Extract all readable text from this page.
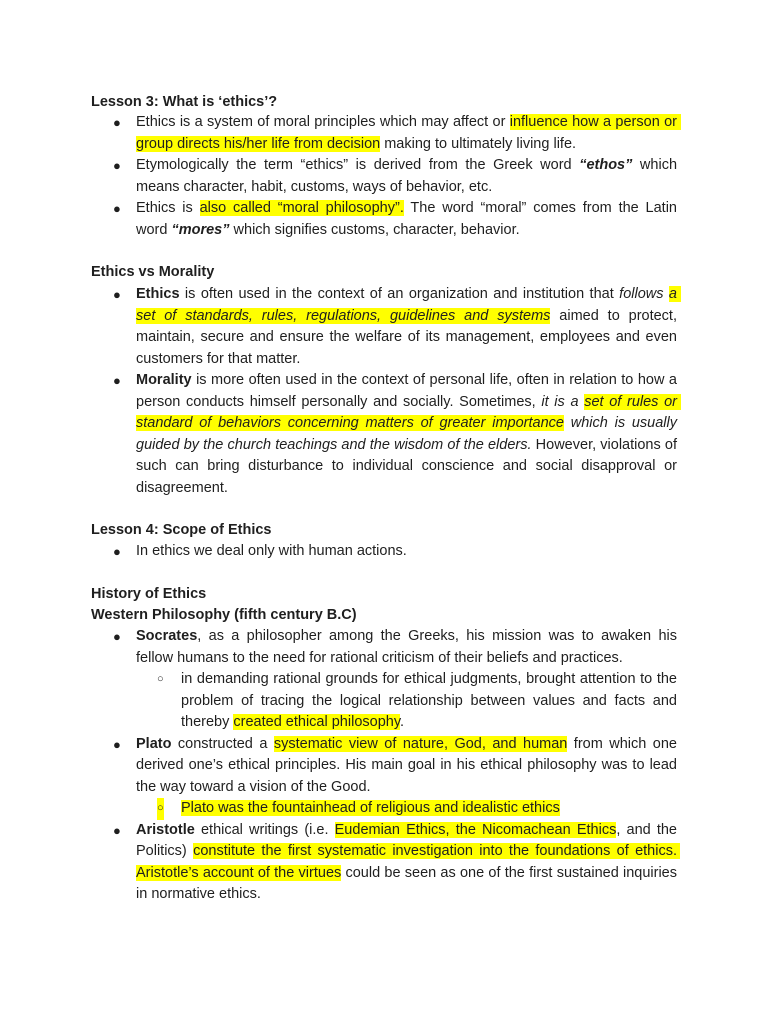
Lesson 3: What is ‘ethics’?
● Ethics is a system of moral principles which may affect or influence how a person or group directs his/her life from decision making to ultimately living life.
● Etymologically the term “ethics” is derived from the Greek word “ethos” which means character, habit, customs, ways of behavior, etc.
● Ethics is also called “moral philosophy”. The word “moral” comes from the Latin word “mores” which signifies customs, character, behavior.
Ethics vs Morality
● Ethics is often used in the context of an organization and institution that follows a set of standards, rules, regulations, guidelines and systems aimed to protect, maintain, secure and ensure the welfare of its management, employees and even customers for that matter.
● Morality is more often used in the context of personal life, often in relation to how a person conducts himself personally and socially. Sometimes, it is a set of rules or standard of behaviors concerning matters of greater importance which is usually guided by the church teachings and the wisdom of the elders. However, violations of such can bring disturbance to individual conscience and social disapproval or disagreement.
Lesson 4: Scope of Ethics
● In ethics we deal only with human actions.
History of Ethics
Western Philosophy (fifth century B.C)
● Socrates, as a philosopher among the Greeks, his mission was to awaken his fellow humans to the need for rational criticism of their beliefs and practices.
○ in demanding rational grounds for ethical judgments, brought attention to the problem of tracing the logical relationship between values and facts and thereby created ethical philosophy.
● Plato constructed a systematic view of nature, God, and human from which one derived one’s ethical principles. His main goal in his ethical philosophy was to lead the way toward a vision of the Good.
○ Plato was the fountainhead of religious and idealistic ethics
● Aristotle ethical writings (i.e. Eudemian Ethics, the Nicomachean Ethics, and the Politics) constitute the first systematic investigation into the foundations of ethics. Aristotle’s account of the virtues could be seen as one of the first sustained inquiries in normative ethics.
